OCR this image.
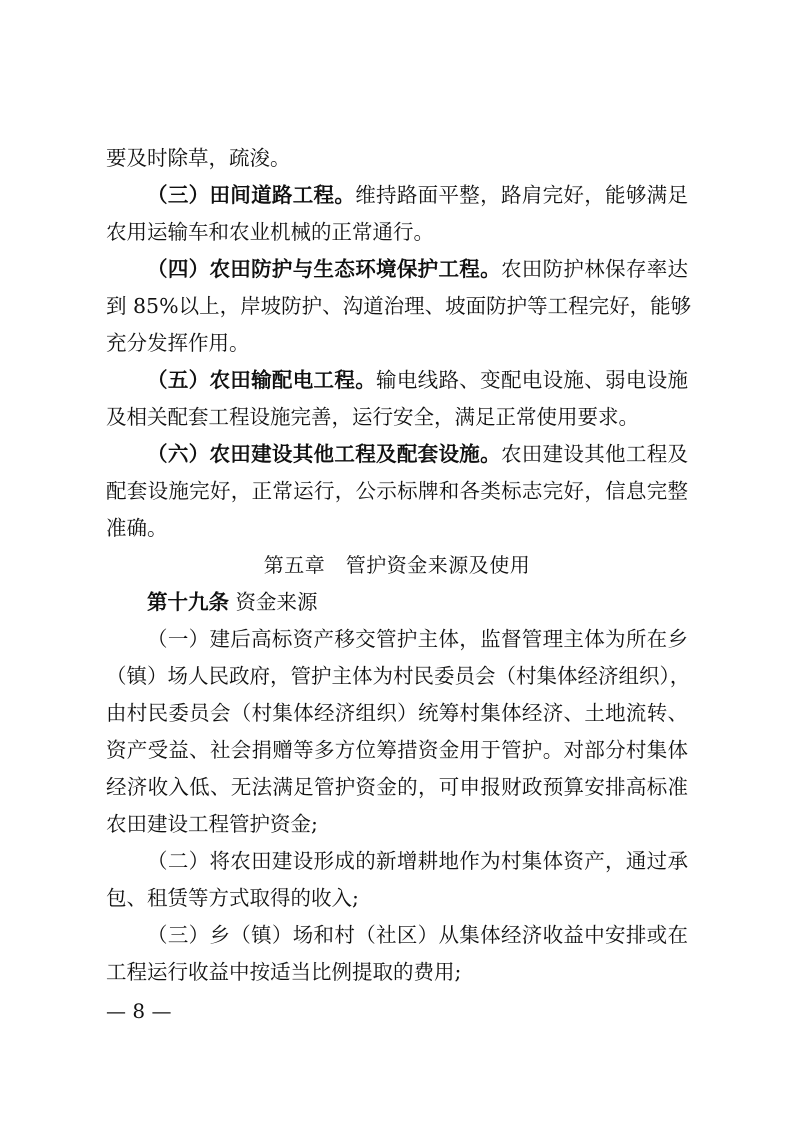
要及时除草，疏浚。
（三）田间道路工程。维持路面平整，路肩完好，能够满足
农用运输车和农业机械的正常通行。
（四）农田防护与生态环境保护工程。农田防护林保存率达
到 85%以上，岸坡防护、沟道治理、坡面防护等工程完好，能够
充分发挥作用。
（五）农田输配电工程。输电线路、变配电设施、弱电设施
及相关配套工程设施完善，运行安全，满足正常使用要求。
（六）农田建设其他工程及配套设施。农田建设其他工程及
配套设施完好，正常运行，公示标牌和各类标志完好，信息完整
准确。
第五章　管护资金来源及使用
第十九条 资金来源
（一）建后高标资产移交管护主体，监督管理主体为所在乡
（镇）场人民政府，管护主体为村民委员会（村集体经济组织），
由村民委员会（村集体经济组织）统筹村集体经济、土地流转、
资产受益、社会捐赠等多方位筹措资金用于管护。对部分村集体
经济收入低、无法满足管护资金的，可申报财政预算安排高标准
农田建设工程管护资金;
（二）将农田建设形成的新增耕地作为村集体资产，通过承
包、租赁等方式取得的收入;
（三）乡（镇）场和村（社区）从集体经济收益中安排或在
工程运行收益中按适当比例提取的费用;
— 8 —
